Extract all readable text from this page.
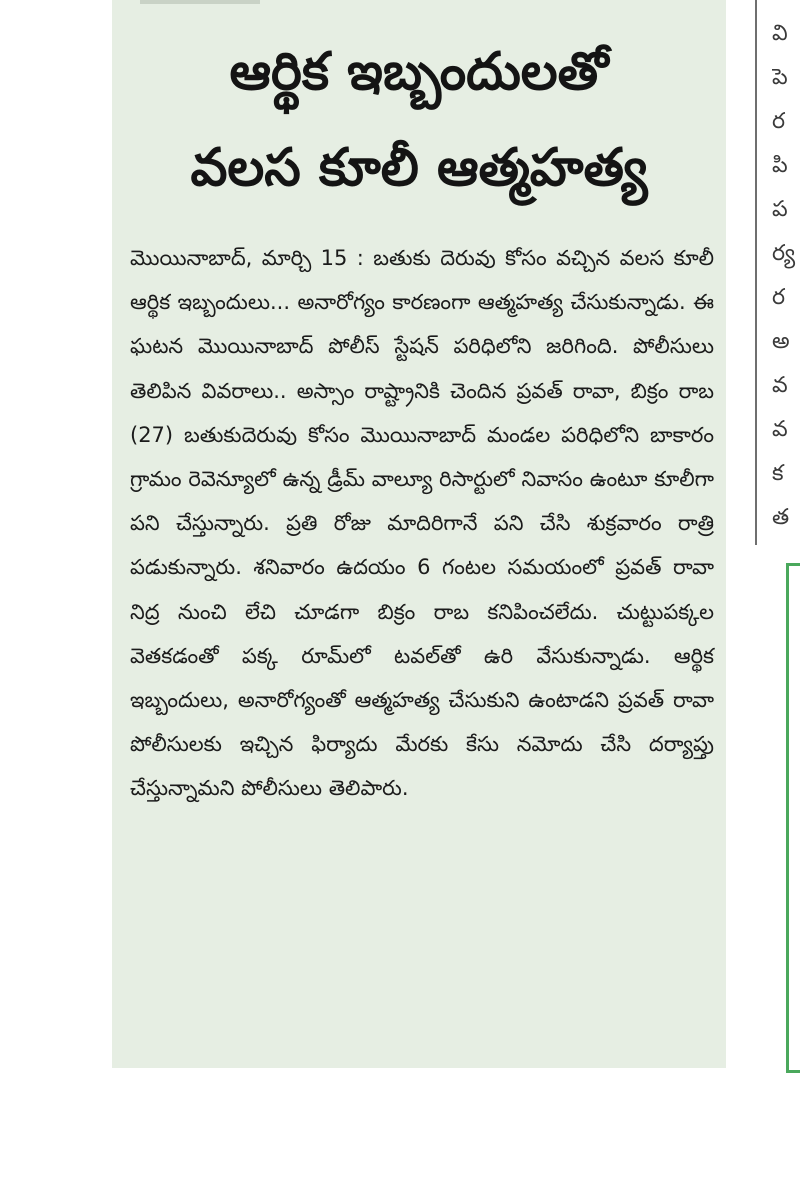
ఆర్థిక ఇబ్బందులతో
వలస కూలీ ఆత్మహత్య
మొయినాబాద్‌, మార్చి 15 : బతుకు దెరువు కోసం వచ్చిన వలస కూలీ ఆర్థిక ఇబ్బందులు... అనారోగ్యం కారణంగా ఆత్మహత్య చేసుకున్నాడు. ఈ ఘటన మొయినాబాద్‌ పోలీస్‌ స్టేషన్‌ పరిధిలోని జరిగింది. పోలీసులు తెలిపిన వివరాలు.. అస్సాం రాష్ట్రానికి చెందిన ప్రవత్‌ రావా, బిక్రం రాబ (27) బతుకుదెరువు కోసం మొయినాబాద్‌ మండల పరిధిలోని బాకారం గ్రామం రెవెన్యూలో ఉన్న డ్రీమ్‌ వాల్యూ రిసార్టులో నివాసం ఉంటూ కూలీగా పని చేస్తున్నారు. ప్రతి రోజు మాదిరిగానే పని చేసి శుక్రవారం రాత్రి పడుకున్నారు. శనివారం ఉదయం 6 గంటల సమయంలో ప్రవత్‌ రావా నిద్ర నుంచి లేచి చూడగా బిక్రం రాబ కనిపించలేదు. చుట్టుపక్కల వెతకడంతో పక్క రూమ్‌లో టవల్‌తో ఉరి వేసుకున్నాడు. ఆర్థిక ఇబ్బందులు, అనారోగ్యంతో ఆత్మహత్య చేసుకుని ఉంటాడని ప్రవత్‌ రావా పోలీసులకు ఇచ్చిన ఫిర్యాదు మేరకు కేసు నమోదు చేసి దర్యాప్తు చేస్తున్నామని పోలీసులు తెలిపారు.
వి
పె
ర
పి
ప
ర్య
ర
అ
వ
వ
క
త
